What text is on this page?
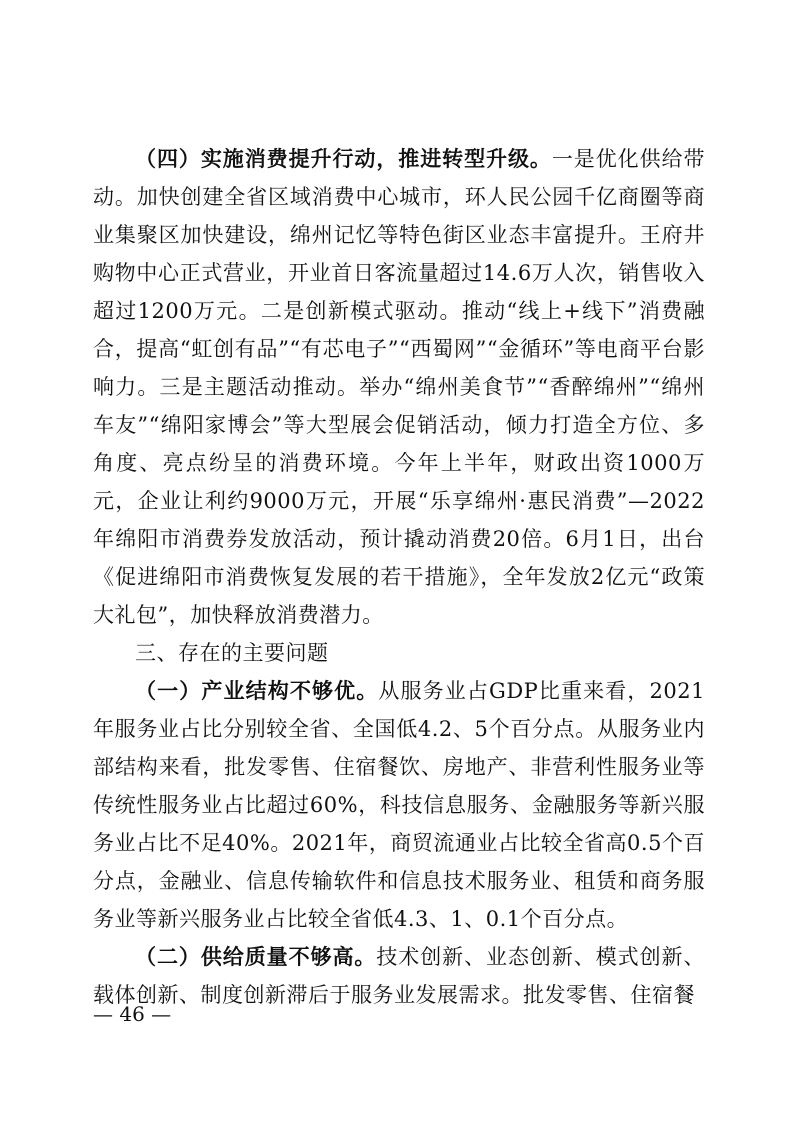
（四）实施消费提升行动，推进转型升级。一是优化供给带动。加快创建全省区域消费中心城市，环人民公园千亿商圈等商业集聚区加快建设，绵州记忆等特色街区业态丰富提升。王府井购物中心正式营业，开业首日客流量超过14.6万人次，销售收入超过1200万元。二是创新模式驱动。推动“线上+线下”消费融合，提高“虹创有品”“有芯电子”“西蜀网”“金循环”等电商平台影响力。三是主题活动推动。举办“绵州美食节”“香醉绵州”“绵州车友”“绵阳家博会”等大型展会促销活动，倾力打造全方位、多角度、亮点纷呈的消费环境。今年上半年，财政出资1000万元，企业让利约9000万元，开展“乐享绵州·惠民消费”—2022年绵阳市消费券发放活动，预计撬动消费20倍。6月1日，出台《促进绵阳市消费恢复发展的若干措施》，全年发放2亿元“政策大礼包”，加快释放消费潜力。

三、存在的主要问题

（一）产业结构不够优。从服务业占GDP比重来看，2021年服务业占比分别较全省、全国低4.2、5个百分点。从服务业内部结构来看，批发零售、住宿餐饮、房地产、非营利性服务业等传统性服务业占比超过60%，科技信息服务、金融服务等新兴服务业占比不足40%。2021年，商贸流通业占比较全省高0.5个百分点，金融业、信息传输软件和信息技术服务业、租赁和商务服务业等新兴服务业占比较全省低4.3、1、0.1个百分点。

（二）供给质量不够高。技术创新、业态创新、模式创新、载体创新、制度创新滞后于服务业发展需求。批发零售、住宿餐

— 46 —
